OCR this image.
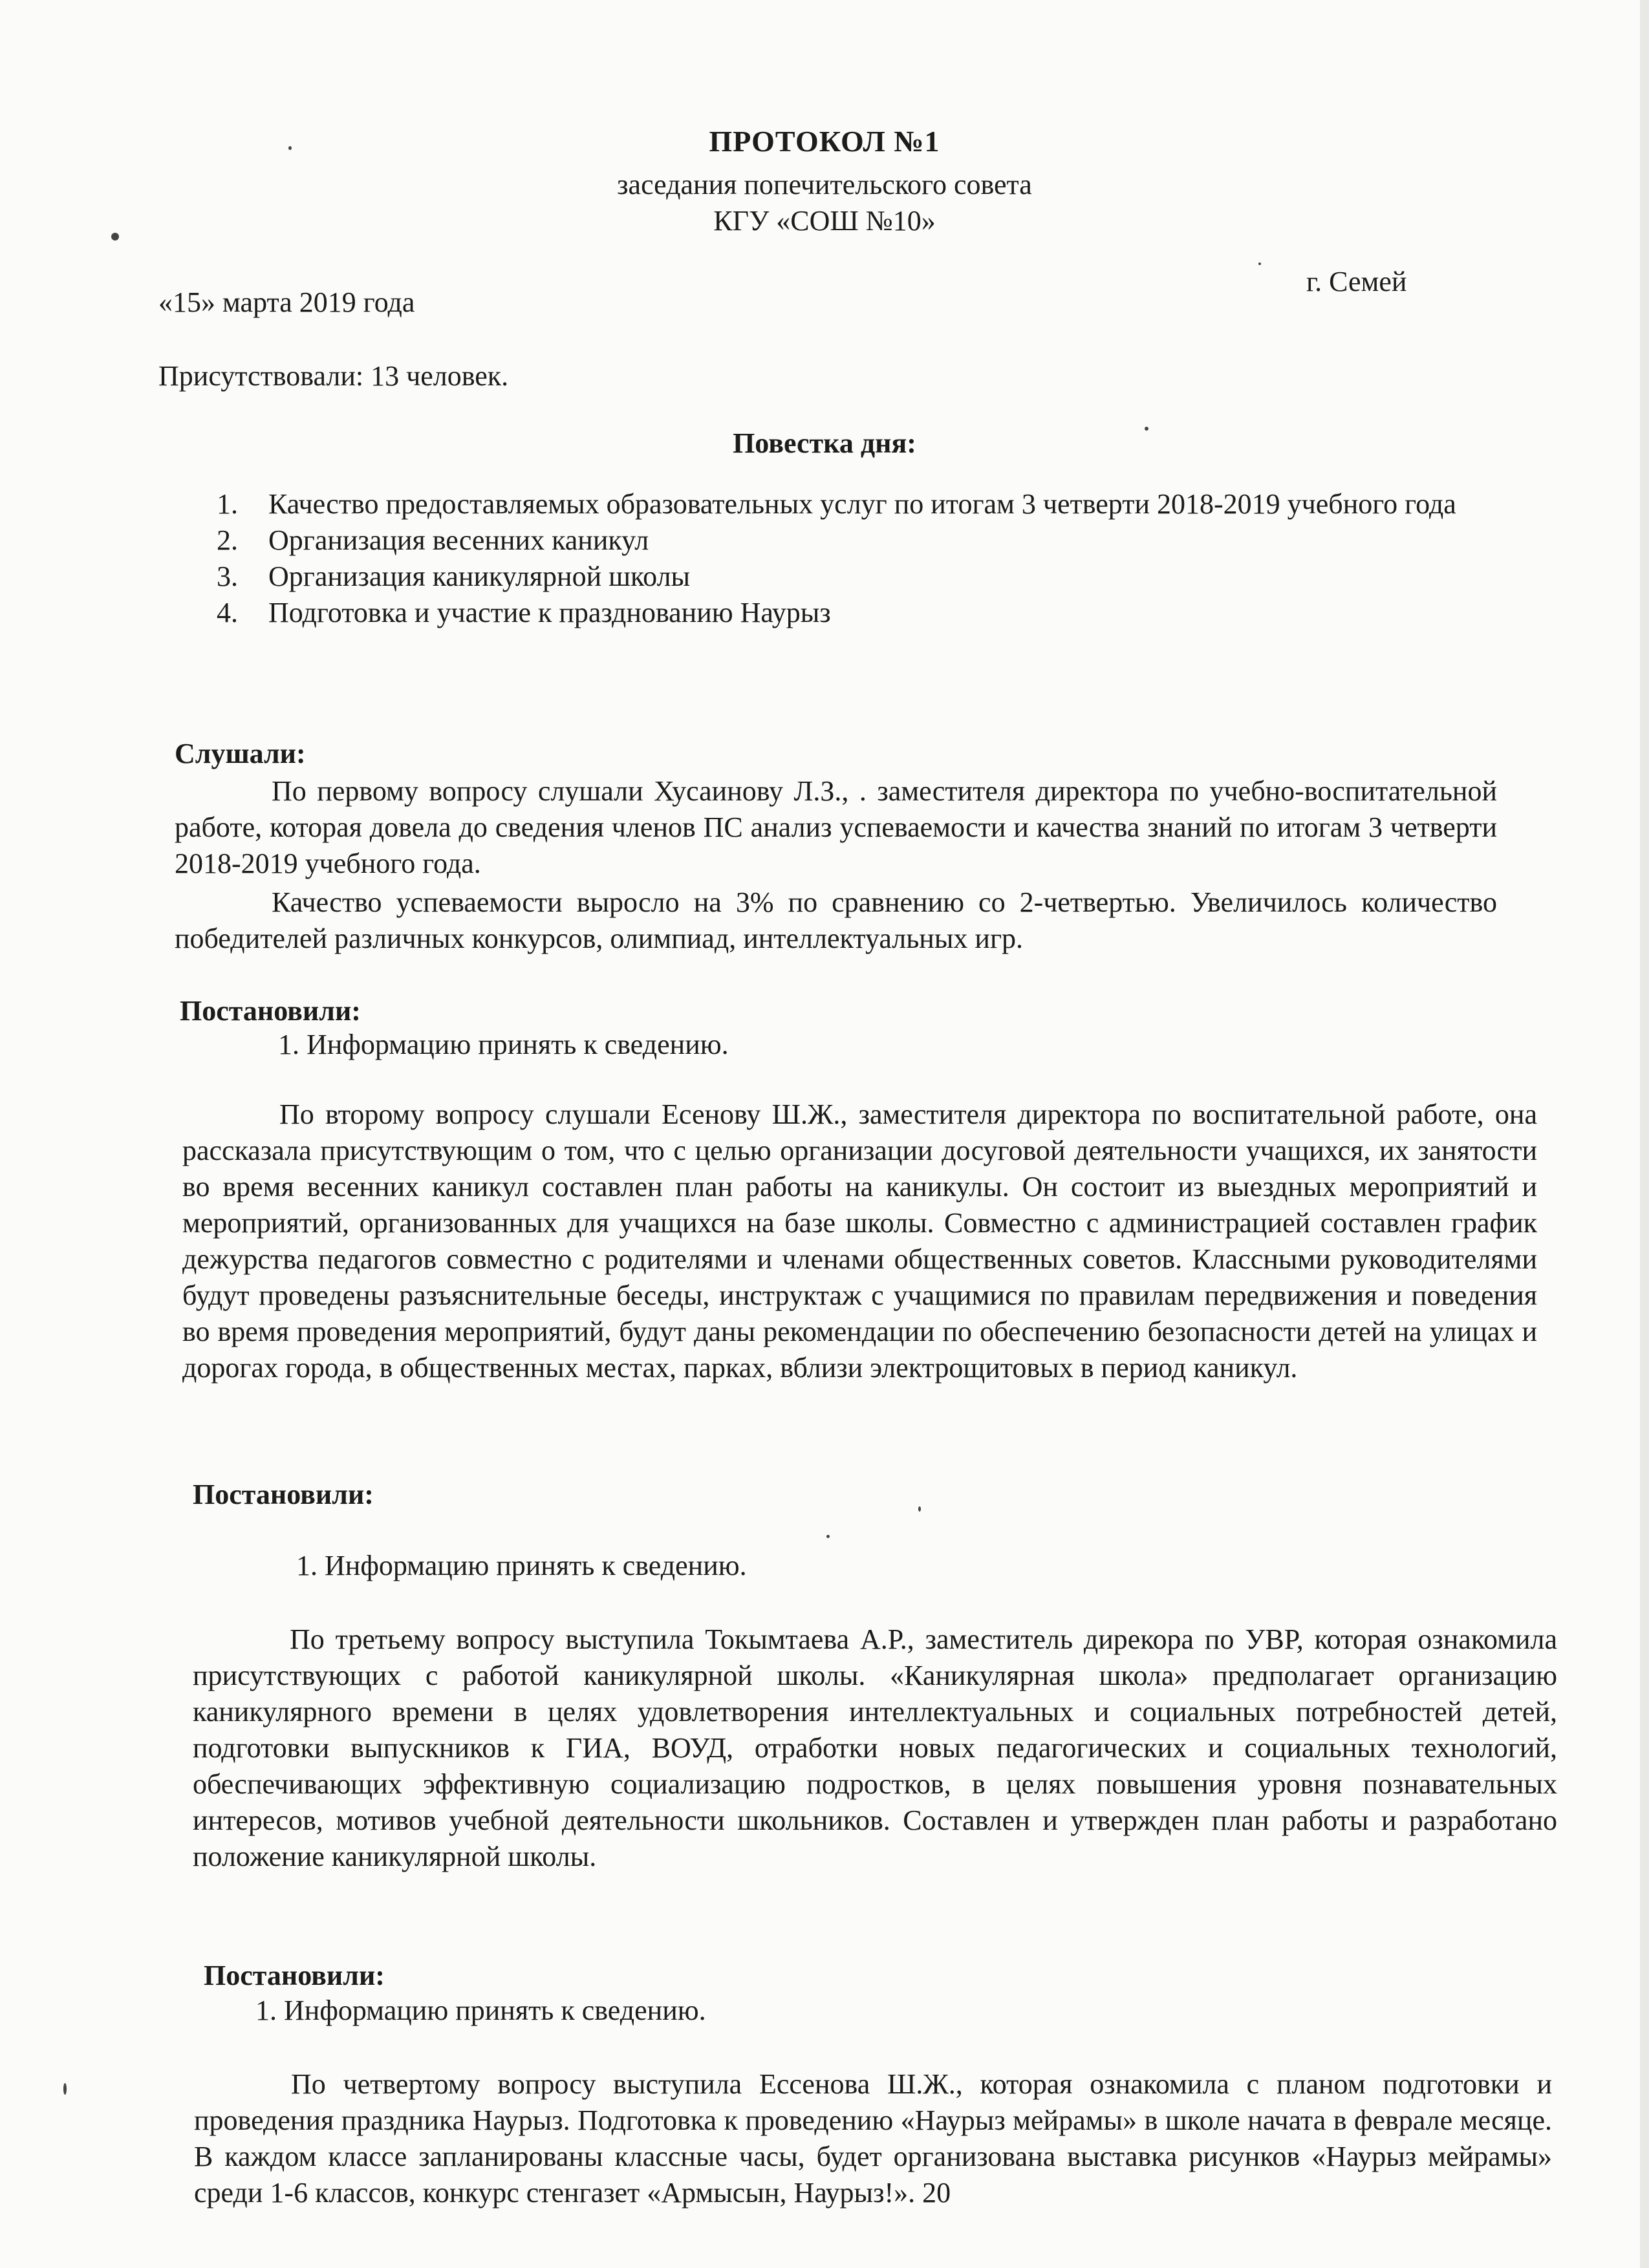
ПРОТОКОЛ №1
заседания попечительского совета
КГУ «СОШ №10»
г. Семей
«15» марта 2019 года
Присутствовали: 13 человек.
Повестка дня:
1. Качество предоставляемых образовательных услуг по итогам 3 четверти 2018-2019 учебного года
2. Организация весенних каникул
3. Организация каникулярной школы
4. Подготовка и участие к празднованию Наурыз
Слушали:
По первому вопросу слушали Хусаинову Л.З., . заместителя директора по учебно-воспитательной работе, которая довела до сведения членов ПС анализ успеваемости и качества знаний по итогам 3 четверти 2018-2019 учебного года.
Качество успеваемости выросло на 3% по сравнению со 2-четвертью. Увеличилось количество победителей различных конкурсов, олимпиад, интеллектуальных игр.
Постановили:
1. Информацию принять к сведению.
По второму вопросу слушали Есенову Ш.Ж., заместителя директора по воспитательной работе, она рассказала присутствующим о том, что с целью организации досуговой деятельности учащихся, их занятости во время весенних каникул составлен план работы на каникулы. Он состоит из выездных мероприятий и мероприятий, организованных для учащихся на базе школы. Совместно с администрацией составлен график дежурства педагогов совместно с родителями и членами общественных советов. Классными руководителями будут проведены разъяснительные беседы, инструктаж с учащимися по правилам передвижения и поведения во время проведения мероприятий, будут даны рекомендации по обеспечению безопасности детей на улицах и дорогах города, в общественных местах, парках, вблизи электрощитовых в период каникул.
Постановили:
1. Информацию принять к сведению.
По третьему вопросу выступила Токымтаева А.Р., заместитель дирекора по УВР, которая ознакомила присутствующих с работой каникулярной школы. «Каникулярная школа» предполагает организацию каникулярного времени в целях удовлетворения интеллектуальных и социальных потребностей детей, подготовки выпускников к ГИА, ВОУД, отработки новых педагогических и социальных технологий, обеспечивающих эффективную социализацию подростков, в целях повышения уровня познавательных интересов, мотивов учебной деятельности школьников. Составлен и утвержден план работы и разработано положение каникулярной школы.
Постановили:
1. Информацию принять к сведению.
По четвертому вопросу выступила Ессенова Ш.Ж., которая ознакомила с планом подготовки и проведения праздника Наурыз. Подготовка к проведению «Наурыз мейрамы» в школе начата в феврале месяце. В каждом классе запланированы классные часы, будет организована выставка рисунков «Наурыз мейрамы» среди 1-6 классов, конкурс стенгазет «Армысын, Наурыз!». 20
